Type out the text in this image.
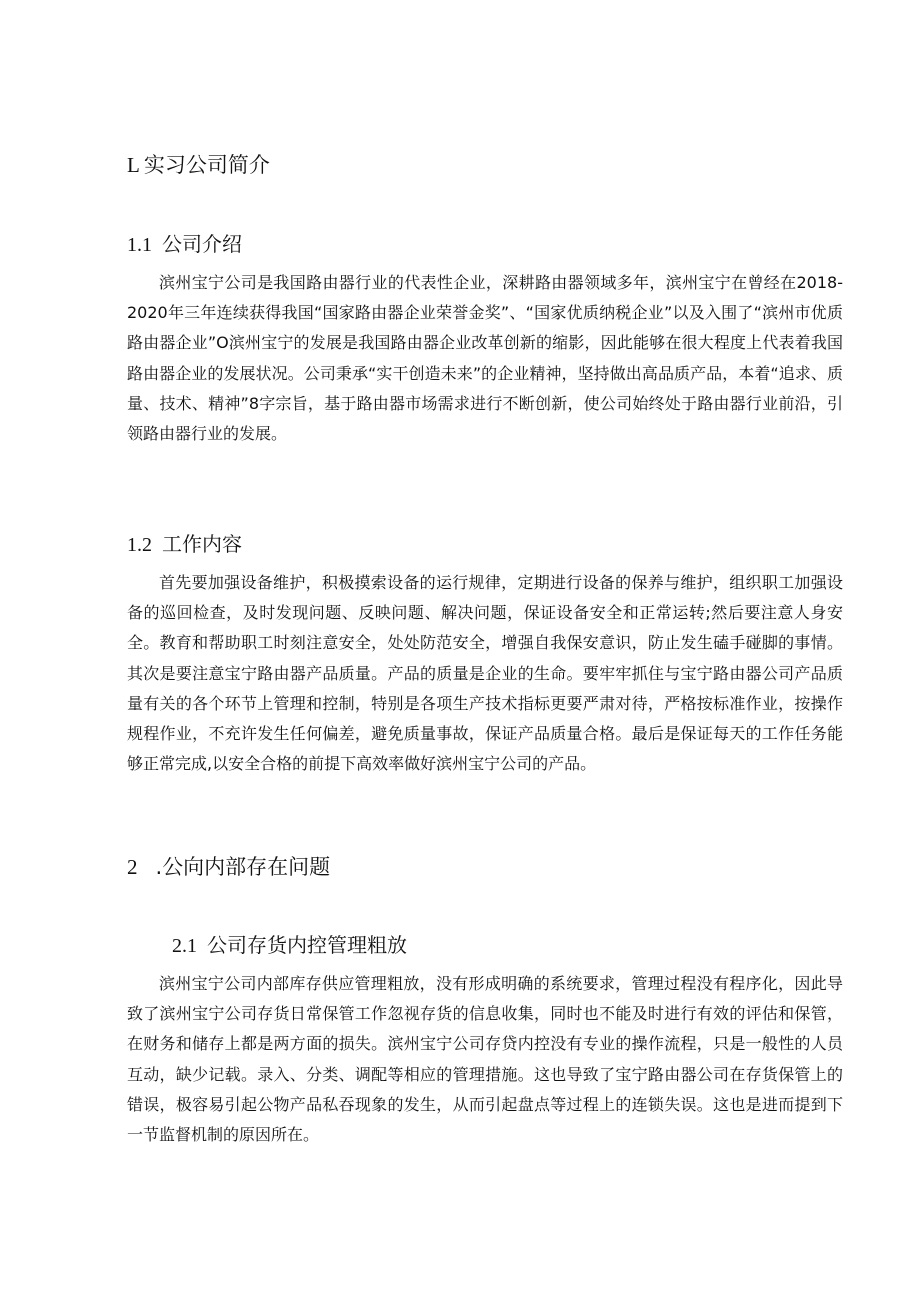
L 实习公司简介
1.1 公司介绍

滨州宝宁公司是我国路由器行业的代表性企业，深耕路由器领域多年，滨州宝宁在曾经在2018-2020年三年连续获得我国“国家路由器企业荣誉金奖”、“国家优质纳税企业”以及入围了“滨州市优质路由器企业”O滨州宝宁的发展是我国路由器企业改革创新的缩影，因此能够在很大程度上代表着我国路由器企业的发展状况。公司秉承“实干创造未来”的企业精神，坚持做出高品质产品，本着“追求、质量、技术、精神”8字宗旨，基于路由器市场需求进行不断创新，使公司始终处于路由器行业前沿，引领路由器行业的发展。

1.2 工作内容

首先要加强设备维护，积极摸索设备的运行规律，定期进行设备的保养与维护，组织职工加强设备的巡回检查，及时发现问题、反映问题、解决问题，保证设备安全和正常运转;然后要注意人身安全。教育和帮助职工时刻注意安全，处处防范安全，增强自我保安意识，防止发生磕手碰脚的事情。其次是要注意宝宁路由器产品质量。产品的质量是企业的生命。要牢牢抓住与宝宁路由器公司产品质量有关的各个环节上管理和控制，特别是各项生产技术指标更要严肃对待，严格按标准作业，按操作规程作业，不充许发生任何偏差，避免质量事故，保证产品质量合格。最后是保证每天的工作任务能够正常完成,以安全合格的前提下高效率做好滨州宝宁公司的产品。

2 .公向内部存在问题
2.1 公司存货内控管理粗放

滨州宝宁公司内部库存供应管理粗放，没有形成明确的系统要求，管理过程没有程序化，因此导致了滨州宝宁公司存货日常保管工作忽视存货的信息收集，同时也不能及时进行有效的评估和保管，在财务和储存上都是两方面的损失。滨州宝宁公司存贷内控没有专业的操作流程，只是一般性的人员互动，缺少记载。录入、分类、调配等相应的管理措施。这也导致了宝宁路由器公司在存货保管上的错误，极容易引起公物产品私吞现象的发生，从而引起盘点等过程上的连锁失误。这也是进而提到下一节监督机制的原因所在。
